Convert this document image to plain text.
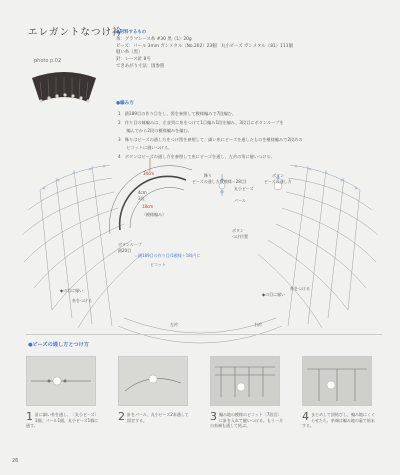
エレガントなつけ衿
photo p.02
●材料するもの
糸：グラマレース糸 #30 黒（1）20g
ビーズ：パール 3mm ガンメタル（No.202）23個　丸小ビーズ ガンメタル（81）111個
縫い糸（黒）
針：レース針 8号
できあがり寸法：図参照
●編み方
1　鎖189目の作り目をし、図を参照して模様編みで7段編む。
2　作り目の縁編みは、左並列に糸をつけて1目編み1段を編み、3段目にボタンループを
　　編んでから2段の模様編みを編む。
3　飾りはビーズの通し方をつけ図を参照して、細い糸にビーズを通したものを模様編みで2段めの
　　ピコットに縫いつける。
4　ボタンはビーズの通し方を参照して糸にビーズを通し、左衿の角に縫いつける。
34cm
4cm
3段
18cm
（模様編み）
ボタンループ
鎖20目
＝鎖189目の作り目(1模様＋18)円に
ピコット
飾り
ビーズの通し方(7模様＝28目)
丸小ビーズ
パール
ボタン
ビーズの通し方
ボタン
つけ位置
左衿	右衿
◆の目に縁い
◆の目に縁い	糸をつける
糸をつける
●ビーズの通し方とつけ方
1 針に細い糸を通し、〔丸小ビーズ〕1個、パール1個、丸小ビーズ1個に通す。
2 針をパール、丸小ビーズ2本通して固定する。	3 編み地の模様のピコット〔7段目〕に針を入れて縫いつける。もう一方の糸端も通して結ぶ。
4 まとめして固結びし、編み地にくぐらせたら、糸端は編み地の裏で始末する。
26
